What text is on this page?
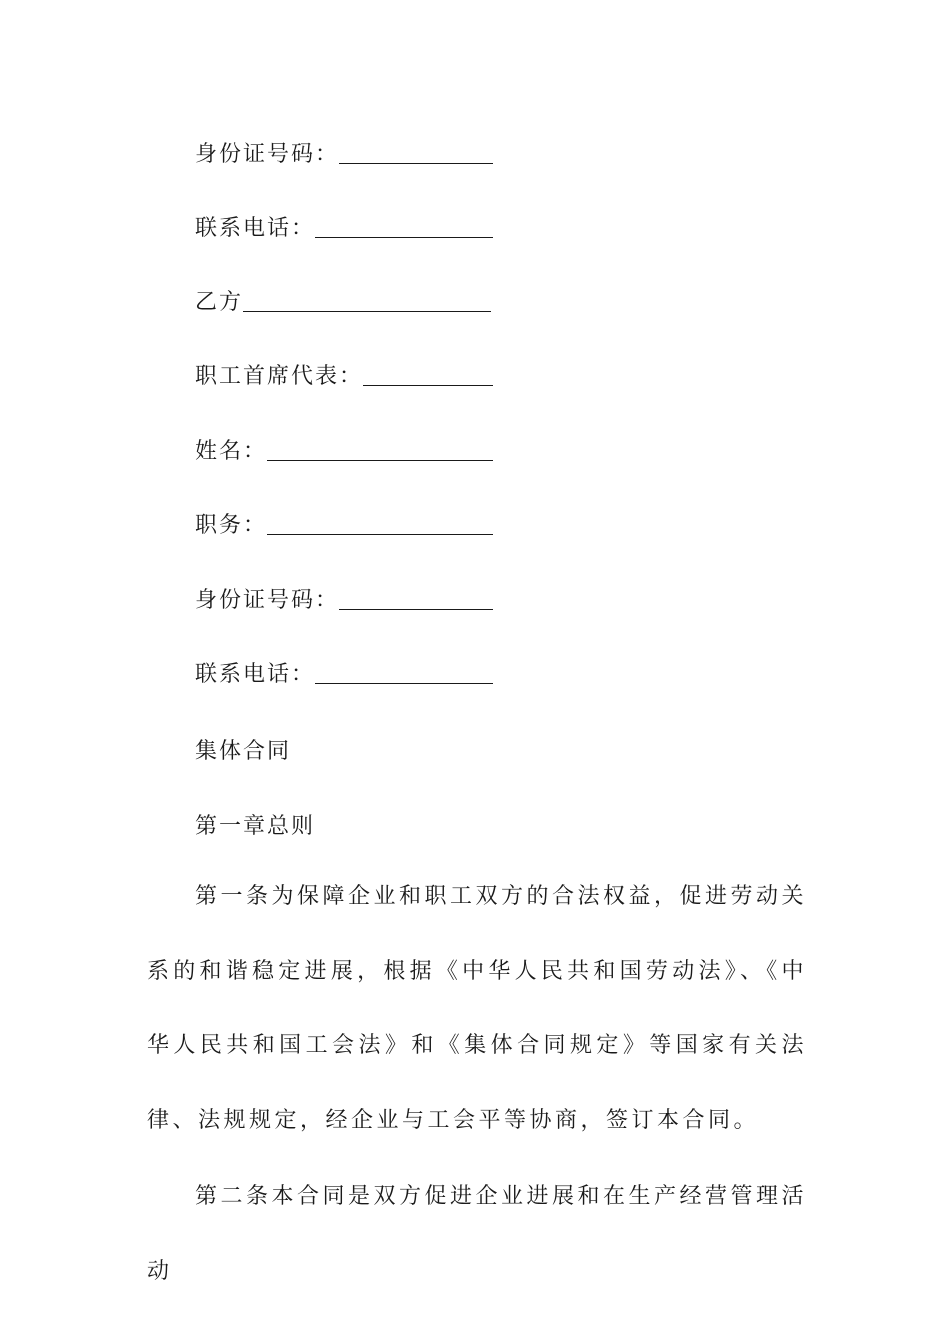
身份证号码：
联系电话：
乙方
职工首席代表：
姓名：
职务：
身份证号码：
联系电话：
集体合同
第一章总则

第一条为保障企业和职工双方的合法权益，促进劳动关系的和谐稳定进展，根据《中华人民共和国劳动法》、《中华人民共和国工会法》和《集体合同规定》等国家有关法律、法规规定，经企业与工会平等协商，签订本合同。

第二条本合同是双方促进企业进展和在生产经营管理活动
